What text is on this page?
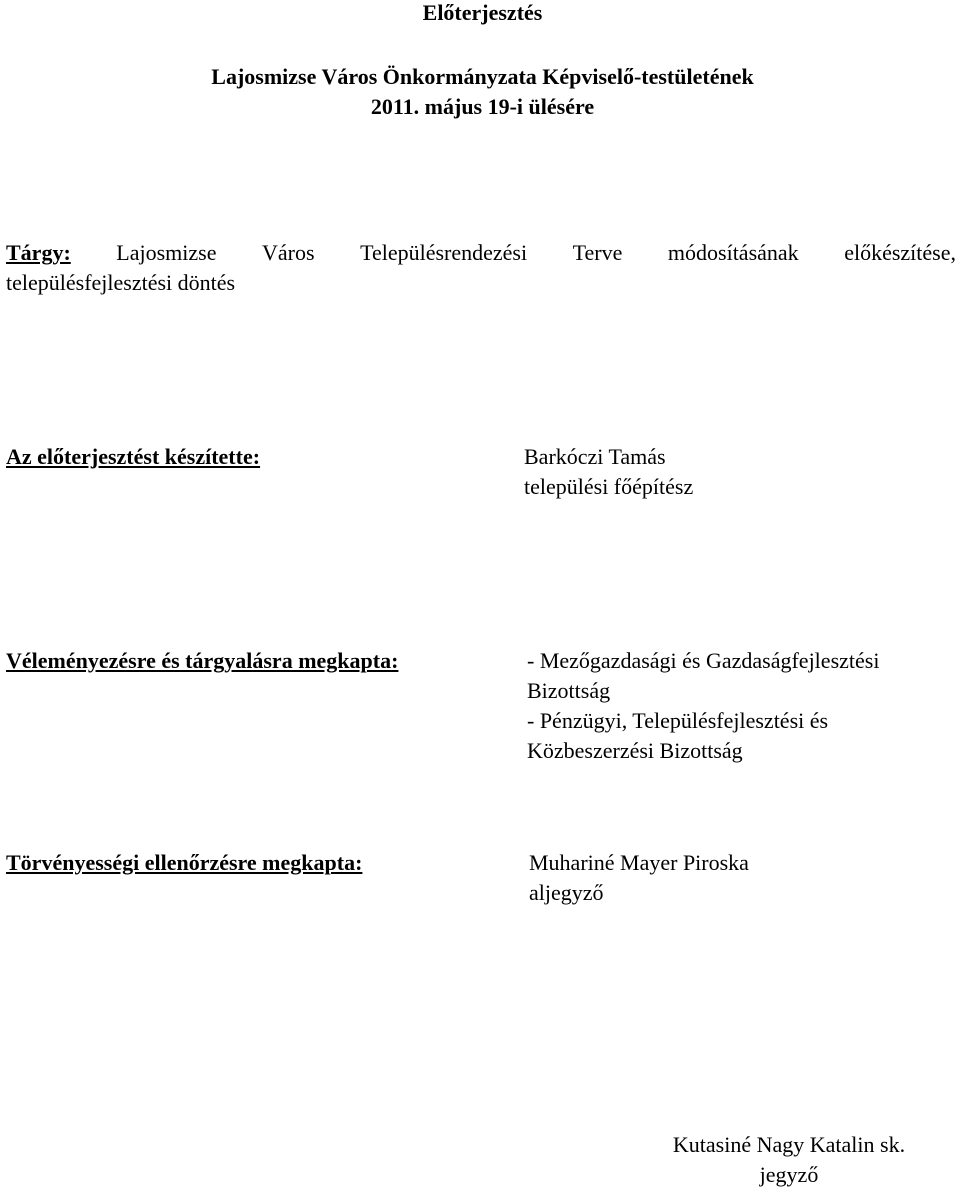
Előterjesztés
Lajosmizse Város Önkormányzata Képviselő-testületének
2011. május 19-i ülésére
Tárgy: Lajosmizse Város Településrendezési Terve módosításának előkészítése,
településfejlesztési döntés
Az előterjesztést készítette:	Barkóczi Tamás
települési főépítész
Véleményezésre és tárgyalásra megkapta:	- Mezőgazdasági és Gazdaságfejlesztési
Bizottság
- Pénzügyi, Településfejlesztési és
Közbeszerzési Bizottság
Törvényességi ellenőrzésre megkapta:	Muhariné Mayer Piroska
aljegyző
Kutasiné Nagy Katalin sk.
jegyző
